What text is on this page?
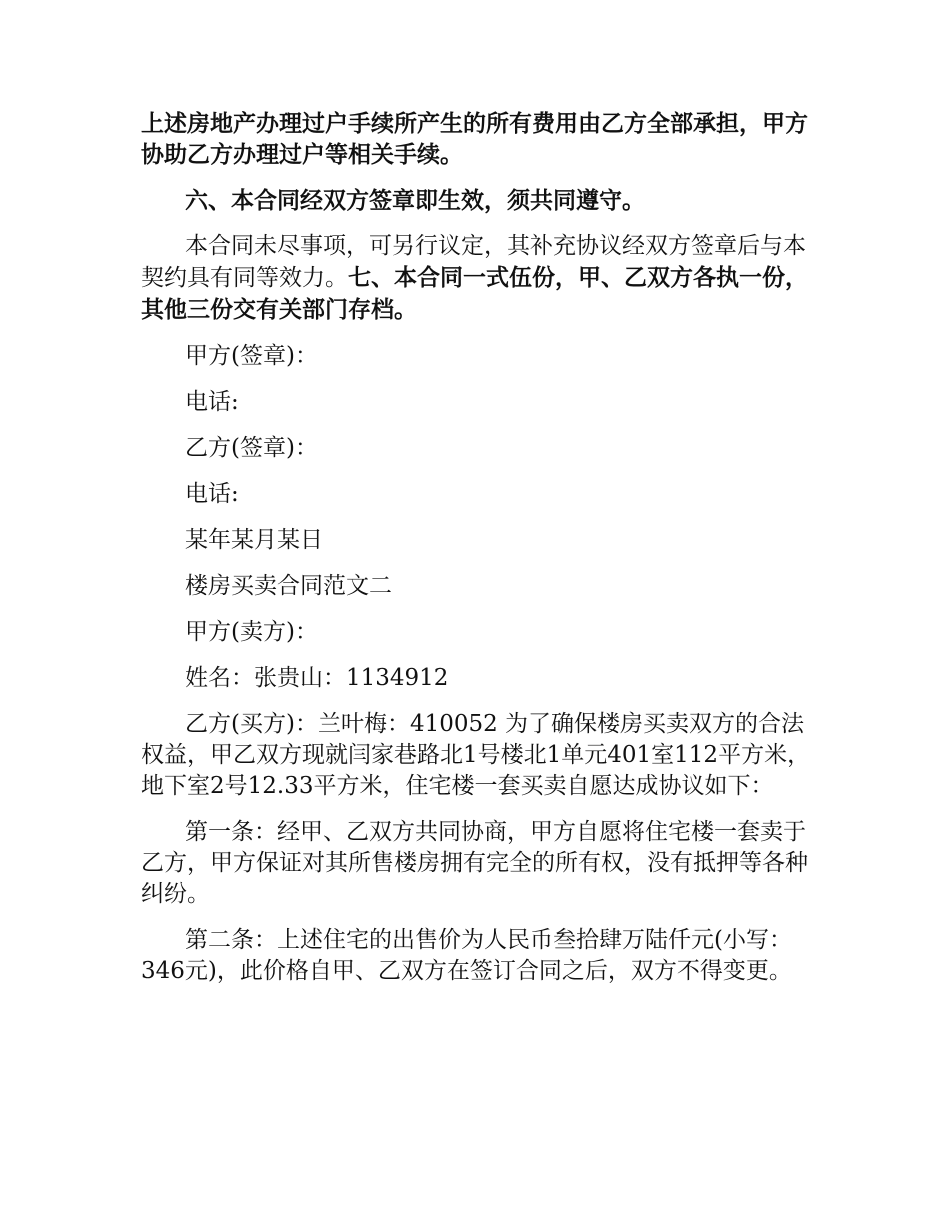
上述房地产办理过户手续所产生的所有费用由乙方全部承担，甲方协助乙方办理过户等相关手续。

六、本合同经双方签章即生效，须共同遵守。

本合同未尽事项，可另行议定，其补充协议经双方签章后与本契约具有同等效力。七、本合同一式伍份，甲、乙双方各执一份，其他三份交有关部门存档。

甲方(签章)：

电话:

乙方(签章)：

电话:

某年某月某日

楼房买卖合同范文二

甲方(卖方)：

姓名：张贵山：1134912

乙方(买方)：兰叶梅：410052 为了确保楼房买卖双方的合法权益，甲乙双方现就闫家巷路北1号楼北1单元401室112平方米，地下室2号12.33平方米，住宅楼一套买卖自愿达成协议如下：

第一条：经甲、乙双方共同协商，甲方自愿将住宅楼一套卖于乙方，甲方保证对其所售楼房拥有完全的所有权，没有抵押等各种纠纷。

第二条：上述住宅的出售价为人民币叁拾肆万陆仟元(小写：346元)，此价格自甲、乙双方在签订合同之后，双方不得变更。
